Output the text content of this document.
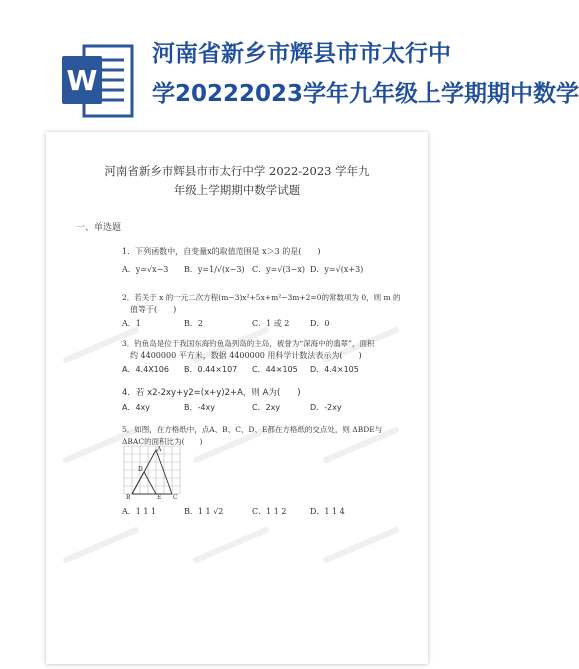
W
河南省新乡市辉县市市太行中
学20222023学年九年级上学期期中数学
河南省新乡市辉县市市太行中学 2022-2023 学年九
年级上学期期中数学试题
一、单选题
1．下列函数中，自变量x的取值范围是 x＞3 的是(　　)
A．y=√x−3 B．y=1/√(x−3) C．y=√(3−x) D．y=√(x+3)
2．若关于 x 的一元二次方程(m−3)x²+5x+m²−3m+2=0的常数项为 0，则 m 的
值等于(　　)
A．1	B．2	C．1 或 2	D．0
3．钓鱼岛是位于我国东海钓鱼岛列岛的主岛，被誉为“深海中的翡翠”，面积
约 4400000 平方米，数据 4400000 用科学计数法表示为(　　)
A．4.4X106 B．0.44×107 C．44×105 D．4.4×105
4．若 x2-2xy+y2=(x+y)2+A，则 A为(　　)
A．4xy	B．-4xy	C．2xy	D．-2xy
5．如图，在方格纸中，点A、B、C、D、E都在方格纸的交点处，则 ΔBDE与
ΔBAC的面积比为(　　)
A
D
E
B	C
A．1 1 1	B．1 1 √2	C．1 1 2	D．1 1 4
